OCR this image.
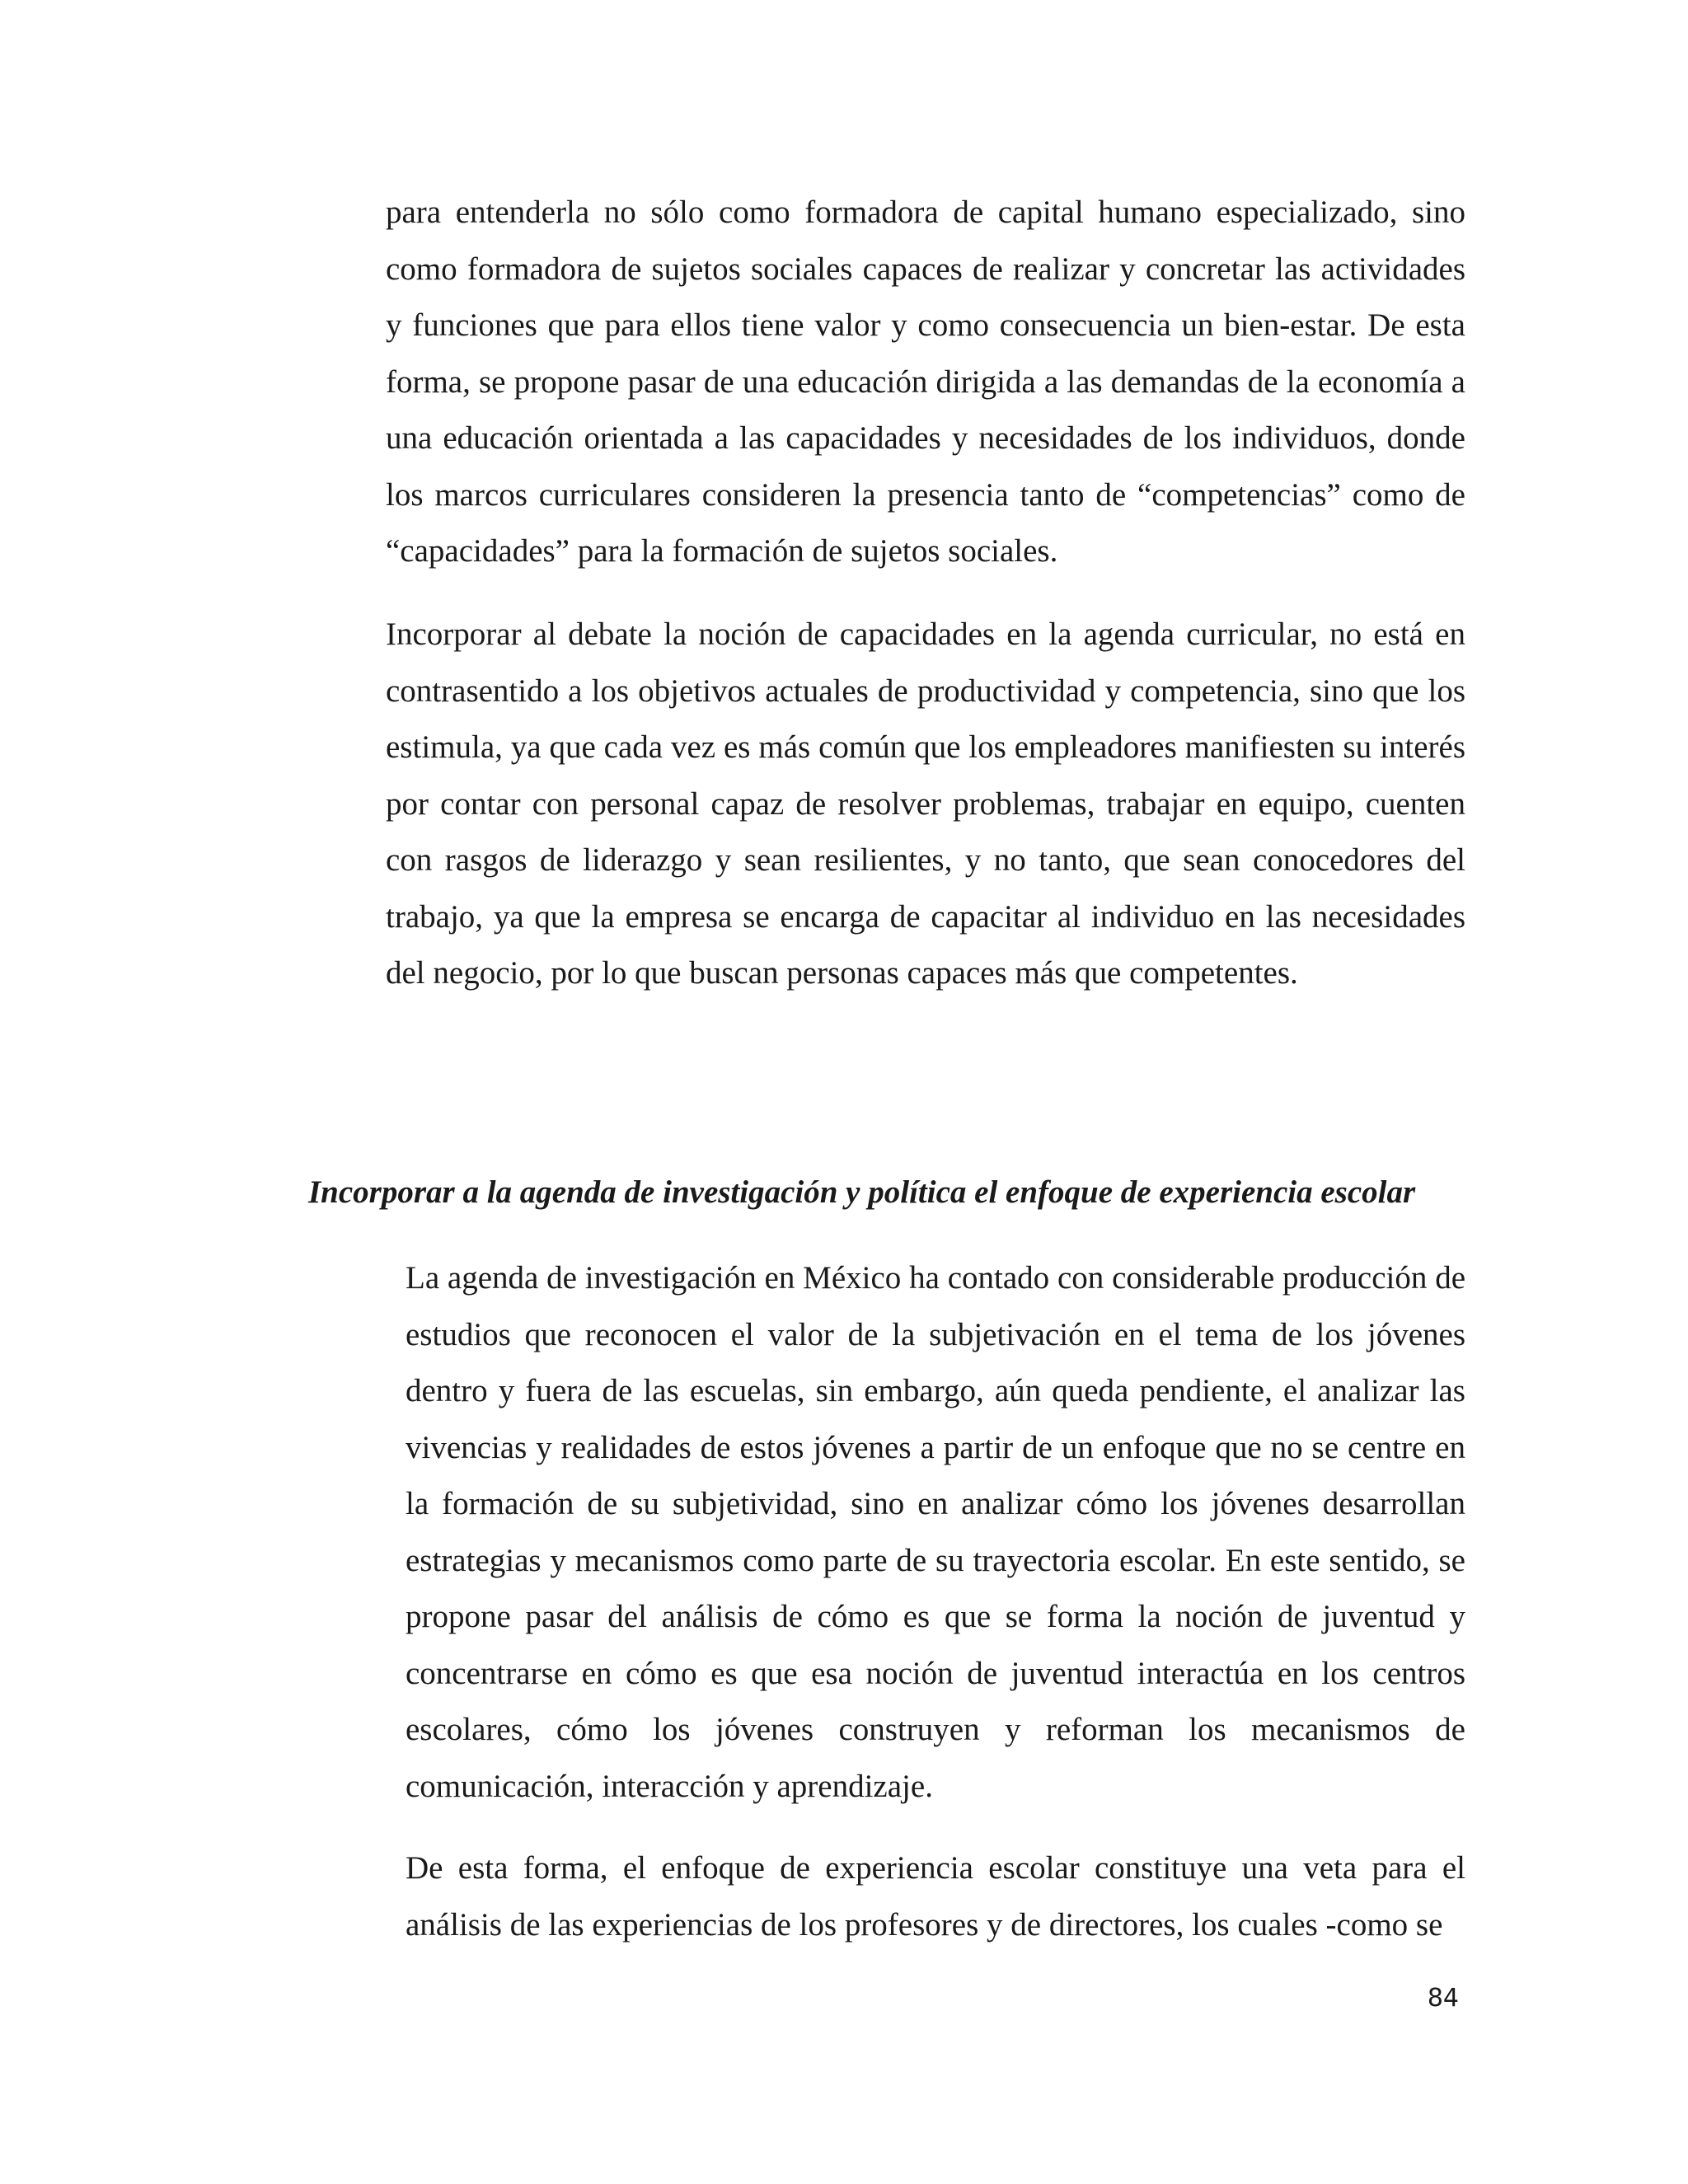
para entenderla no sólo como formadora de capital humano especializado, sino como formadora de sujetos sociales capaces de realizar y concretar las actividades y funciones que para ellos tiene valor y como consecuencia un bien-estar. De esta forma, se propone pasar de una educación dirigida a las demandas de la economía a una educación orientada a las capacidades y necesidades de los individuos, donde los marcos curriculares consideren la presencia tanto de “competencias” como de “capacidades” para la formación de sujetos sociales.

Incorporar al debate la noción de capacidades en la agenda curricular, no está en contrasentido a los objetivos actuales de productividad y competencia, sino que los estimula, ya que cada vez es más común que los empleadores manifiesten su interés por contar con personal capaz de resolver problemas, trabajar en equipo, cuenten con rasgos de liderazgo y sean resilientes, y no tanto, que sean conocedores del trabajo, ya que la empresa se encarga de capacitar al individuo en las necesidades del negocio, por lo que buscan personas capaces más que competentes.

Incorporar a la agenda de investigación y política el enfoque de experiencia escolar

La agenda de investigación en México ha contado con considerable producción de estudios que reconocen el valor de la subjetivación en el tema de los jóvenes dentro y fuera de las escuelas, sin embargo, aún queda pendiente, el analizar las vivencias y realidades de estos jóvenes a partir de un enfoque que no se centre en la formación de su subjetividad, sino en analizar cómo los jóvenes desarrollan estrategias y mecanismos como parte de su trayectoria escolar. En este sentido, se propone pasar del análisis de cómo es que se forma la noción de juventud y concentrarse en cómo es que esa noción de juventud interactúa en los centros escolares, cómo los jóvenes construyen y reforman los mecanismos de comunicación, interacción y aprendizaje.

De esta forma, el enfoque de experiencia escolar constituye una veta para el análisis de las experiencias de los profesores y de directores, los cuales -como se

84
